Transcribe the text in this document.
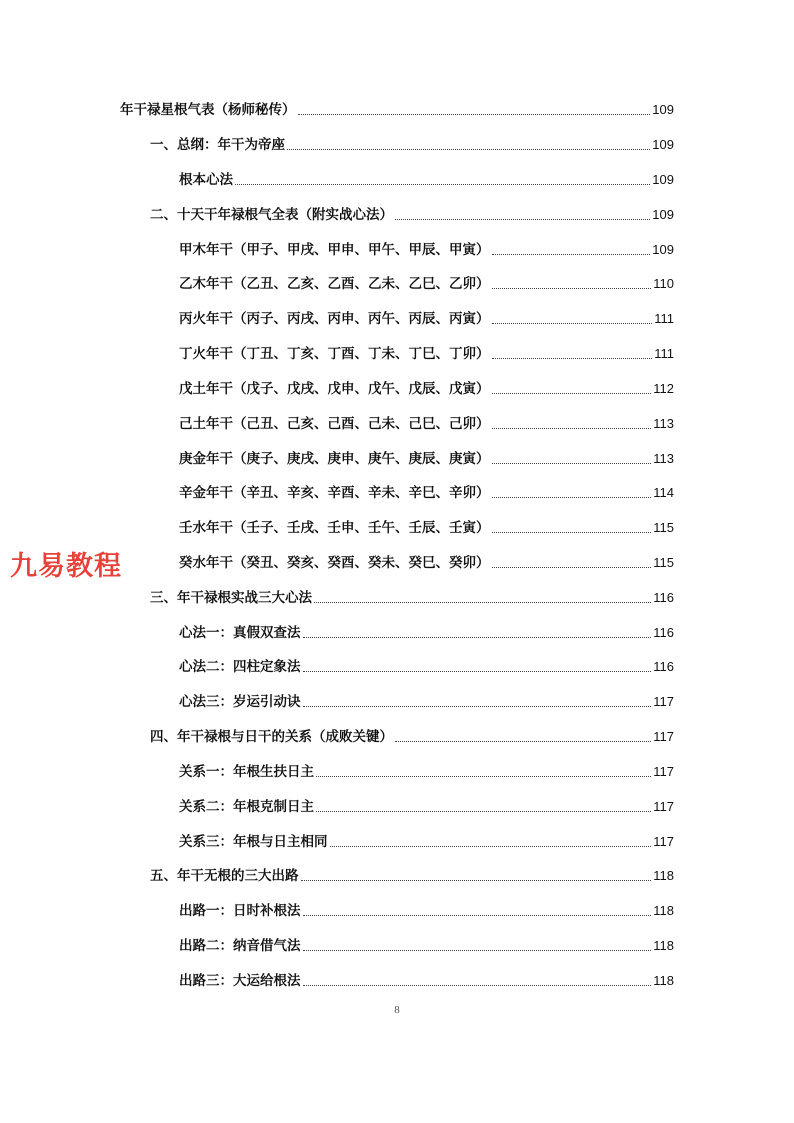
年干禄星根气表（杨师秘传）	109
一、总纲：年干为帝座	109
根本心法	109
二、十天干年禄根气全表（附实战心法）	109
甲木年干（甲子、甲戌、甲申、甲午、甲辰、甲寅）	109
乙木年干（乙丑、乙亥、乙酉、乙未、乙巳、乙卯）	110
丙火年干（丙子、丙戌、丙申、丙午、丙辰、丙寅）	111
丁火年干（丁丑、丁亥、丁酉、丁未、丁巳、丁卯）	111
戊土年干（戊子、戊戌、戊申、戊午、戊辰、戊寅）	112
己土年干（己丑、己亥、己酉、己未、己巳、己卯）	113
庚金年干（庚子、庚戌、庚申、庚午、庚辰、庚寅）	113
辛金年干（辛丑、辛亥、辛酉、辛未、辛巳、辛卯）	114
壬水年干（壬子、壬戌、壬申、壬午、壬辰、壬寅）	115
癸水年干（癸丑、癸亥、癸酉、癸未、癸巳、癸卯）	115
三、年干禄根实战三大心法	116
心法一：真假双查法	116
心法二：四柱定象法	116
心法三：岁运引动诀	117
四、年干禄根与日干的关系（成败关键）	117
关系一：年根生扶日主	117
关系二：年根克制日主	117
关系三：年根与日主相同	117
五、年干无根的三大出路	118
出路一：日时补根法	118
出路二：纳音借气法	118
出路三：大运给根法	118
九易教程
8
